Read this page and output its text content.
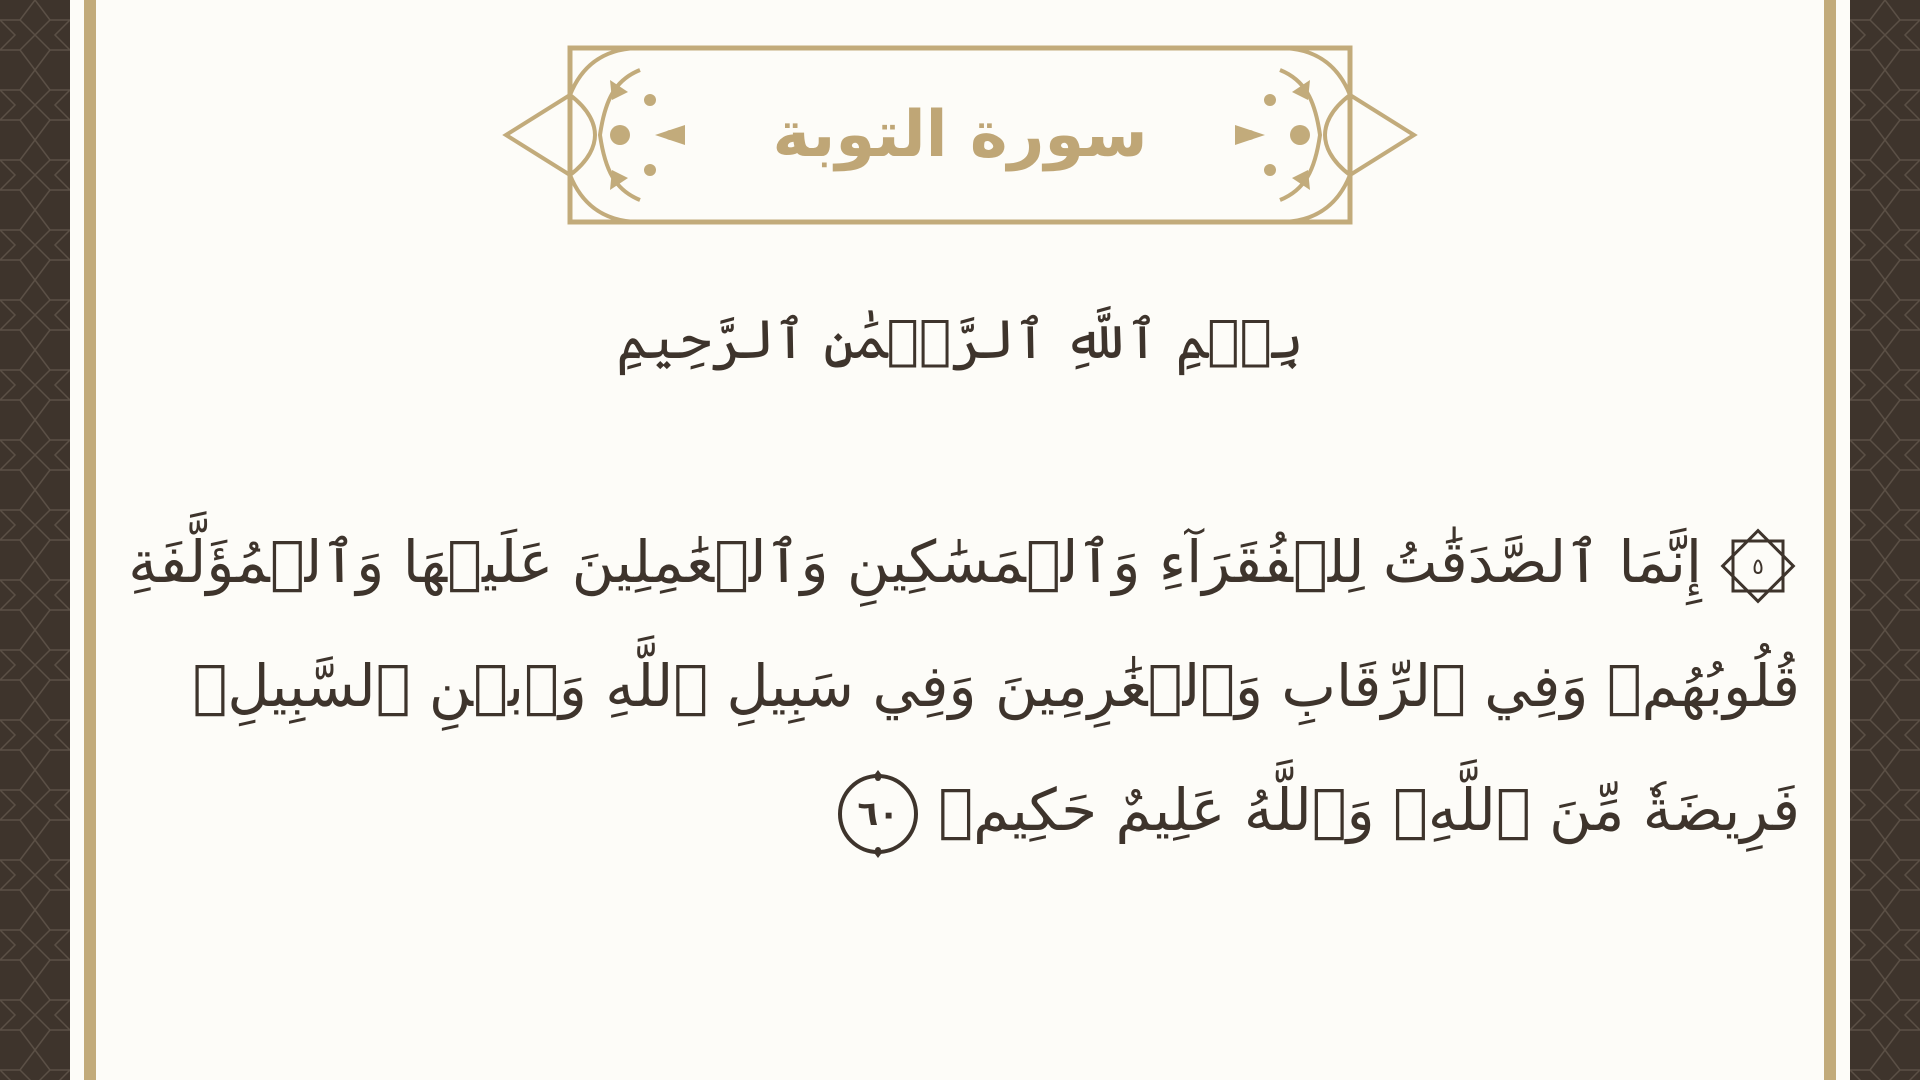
سورة التوبة
بِسۡمِ ٱللَّهِ ٱلرَّحۡمَٰنِ ٱلرَّحِيمِ
٥
إِنَّمَا ٱلصَّدَقَٰتُ لِلۡفُقَرَآءِ وَٱلۡمَسَٰكِينِ وَٱلۡعَٰمِلِينَ عَلَيۡهَا وَٱلۡمُؤَلَّفَةِ
قُلُوبُهُمۡ وَفِي ٱلرِّقَابِ وَٱلۡغَٰرِمِينَ وَفِي سَبِيلِ ٱللَّهِ وَٱبۡنِ ٱلسَّبِيلِۖ
فَرِيضَةٗ مِّنَ ٱللَّهِۗ وَٱللَّهُ عَلِيمٌ حَكِيمٞ
٦٠
